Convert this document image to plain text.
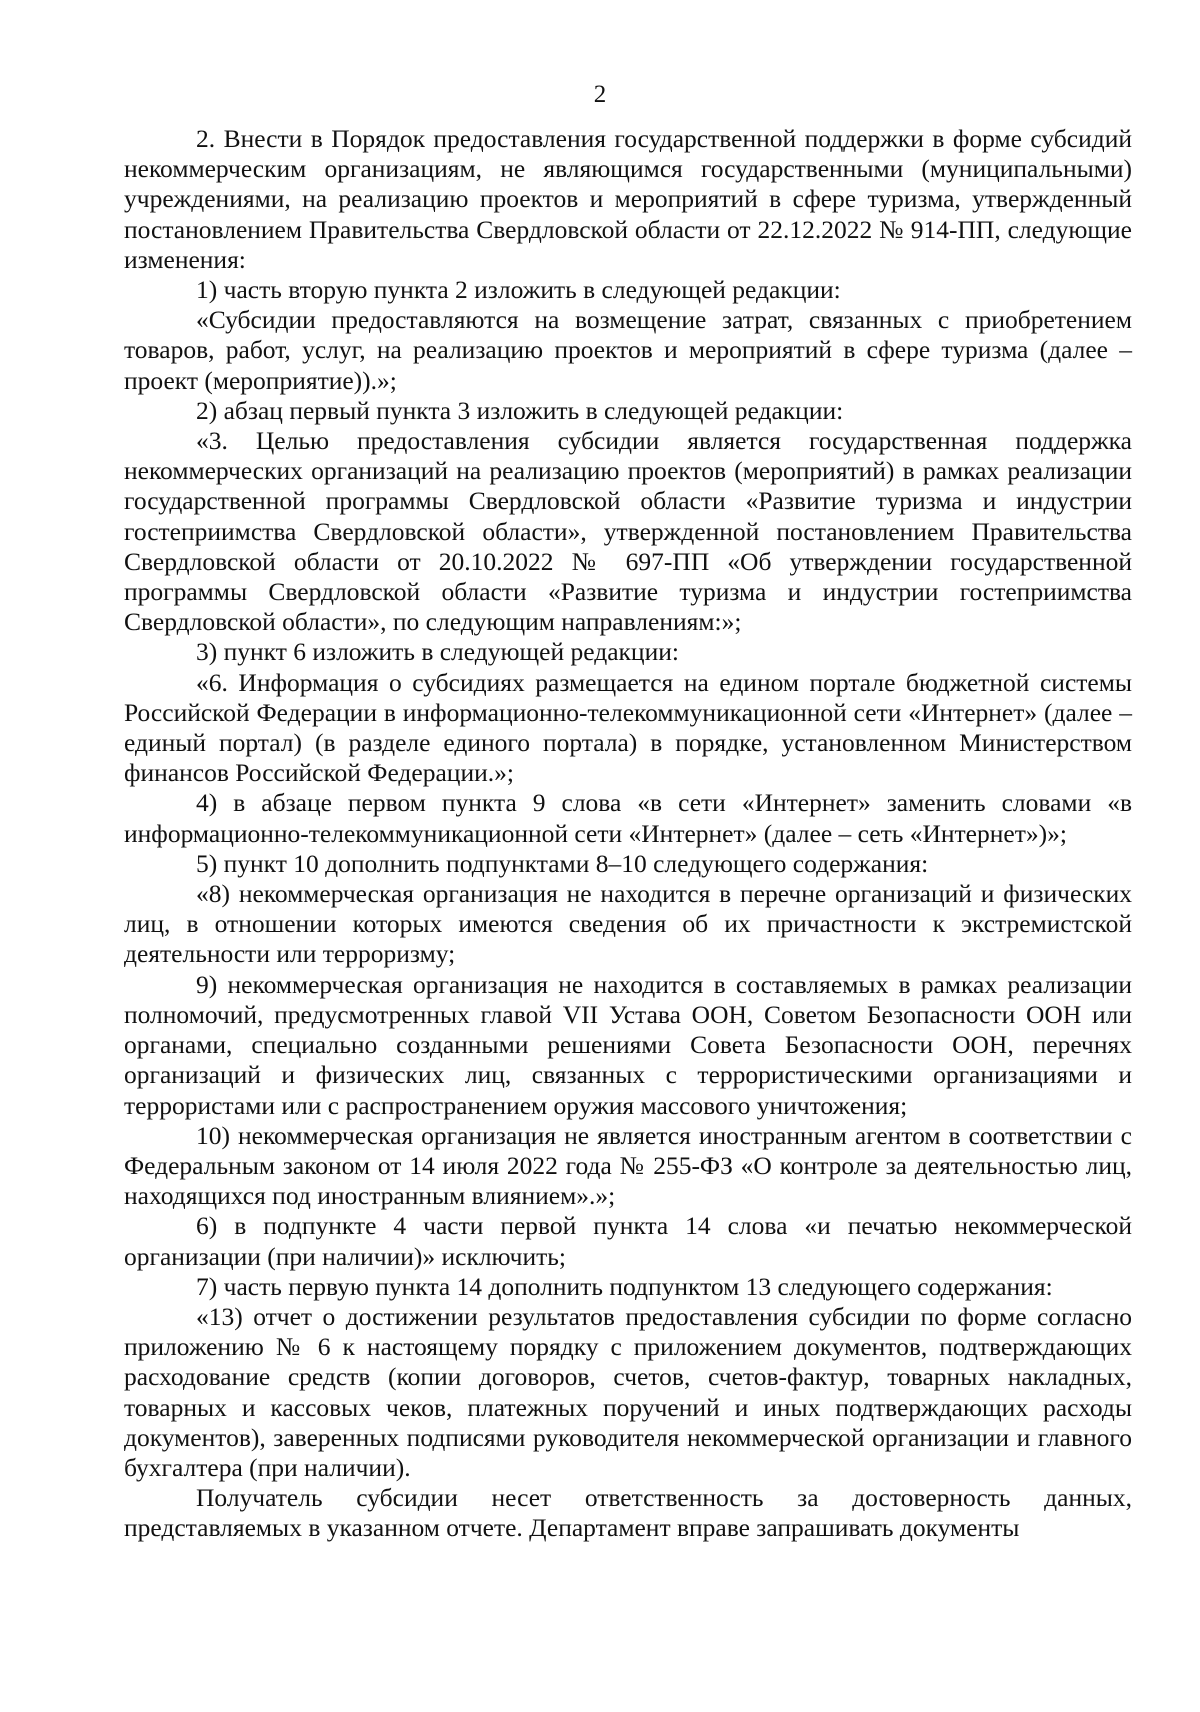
2

2. Внести в Порядок предоставления государственной поддержки в форме субсидий некоммерческим организациям, не являющимся государственными (муниципальными) учреждениями, на реализацию проектов и мероприятий в сфере туризма, утвержденный постановлением Правительства Свердловской области от 22.12.2022 № 914-ПП, следующие изменения:

1) часть вторую пункта 2 изложить в следующей редакции:

«Субсидии предоставляются на возмещение затрат, связанных с приобретением товаров, работ, услуг, на реализацию проектов и мероприятий в сфере туризма (далее – проект (мероприятие)).»;

2) абзац первый пункта 3 изложить в следующей редакции:

«3. Целью предоставления субсидии является государственная поддержка некоммерческих организаций на реализацию проектов (мероприятий) в рамках реализации государственной программы Свердловской области «Развитие туризма и индустрии гостеприимства Свердловской области», утвержденной постановлением Правительства Свердловской области от 20.10.2022 № 697-ПП «Об утверждении государственной программы Свердловской области «Развитие туризма и индустрии гостеприимства Свердловской области», по следующим направлениям:»;

3) пункт 6 изложить в следующей редакции:

«6. Информация о субсидиях размещается на едином портале бюджетной системы Российской Федерации в информационно-телекоммуникационной сети «Интернет» (далее – единый портал) (в разделе единого портала) в порядке, установленном Министерством финансов Российской Федерации.»;

4) в абзаце первом пункта 9 слова «в сети «Интернет» заменить словами «в информационно-телекоммуникационной сети «Интернет» (далее – сеть «Интернет»)»;

5) пункт 10 дополнить подпунктами 8–10 следующего содержания:

«8) некоммерческая организация не находится в перечне организаций и физических лиц, в отношении которых имеются сведения об их причастности к экстремистской деятельности или терроризму;

9) некоммерческая организация не находится в составляемых в рамках реализации полномочий, предусмотренных главой VII Устава ООН, Советом Безопасности ООН или органами, специально созданными решениями Совета Безопасности ООН, перечнях организаций и физических лиц, связанных с террористическими организациями и террористами или с распространением оружия массового уничтожения;

10) некоммерческая организация не является иностранным агентом в соответствии с Федеральным законом от 14 июля 2022 года № 255-ФЗ «О контроле за деятельностью лиц, находящихся под иностранным влиянием».»;

6) в подпункте 4 части первой пункта 14 слова «и печатью некоммерческой организации (при наличии)» исключить;

7) часть первую пункта 14 дополнить подпунктом 13 следующего содержания:

«13) отчет о достижении результатов предоставления субсидии по форме согласно приложению № 6 к настоящему порядку с приложением документов, подтверждающих расходование средств (копии договоров, счетов, счетов-фактур, товарных накладных, товарных и кассовых чеков, платежных поручений и иных подтверждающих расходы документов), заверенных подписями руководителя некоммерческой организации и главного бухгалтера (при наличии).

Получатель субсидии несет ответственность за достоверность данных, представляемых в указанном отчете. Департамент вправе запрашивать документы
